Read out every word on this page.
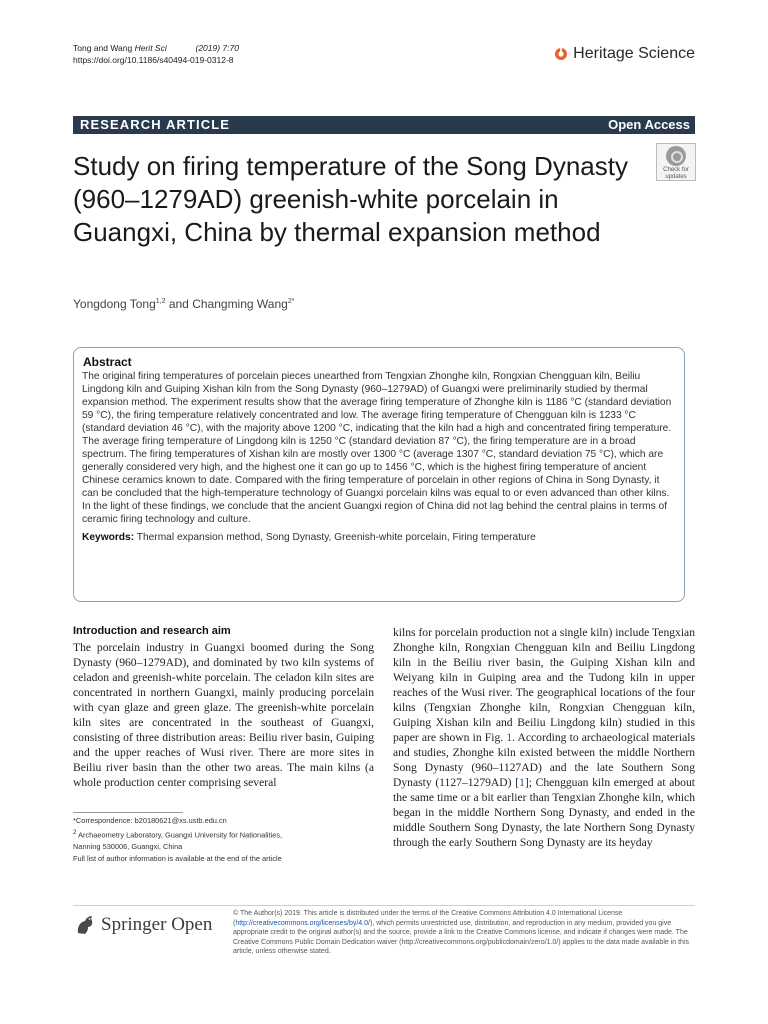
Tong and Wang Herit Sci	(2019) 7:70
https://doi.org/10.1186/s40494-019-0312-8	Heritage Science
RESEARCH ARTICLE	Open Access
Study on firing temperature of the Song Dynasty (960–1279AD) greenish-white porcelain in Guangxi, China by thermal expansion method
Check for
updates
Yongdong Tong$^{1,2}$ and Changming Wang$^{2*}$
Abstract

The original firing temperatures of porcelain pieces unearthed from Tengxian Zhonghe kiln, Rongxian Chengguan kiln, Beiliu Lingdong kiln and Guiping Xishan kiln from the Song Dynasty (960–1279AD) of Guangxi were preliminarily studied by thermal expansion method. The experiment results show that the average firing temperature of Zhonghe kiln is 1186 °C (standard deviation 59 °C), the firing temperature relatively concentrated and low. The average firing temperature of Chengguan kiln is 1233 °C (standard deviation 46 °C), with the majority above 1200 °C, indicating that the kiln had a high and concentrated firing temperature. The average firing temperature of Lingdong kiln is 1250 °C (standard deviation 87 °C), the firing temperature are in a broad spectrum. The firing temperatures of Xishan kiln are mostly over 1300 °C (average 1307 °C, standard deviation 75 °C), which are generally considered very high, and the highest one it can go up to 1456 °C, which is the highest firing temperature of ancient Chinese ceramics known to date. Compared with the firing temperature of porcelain in other regions of China in Song Dynasty, it can be concluded that the high-temperature technology of Guangxi porcelain kilns was equal to or even advanced than other kilns. In the light of these findings, we conclude that the ancient Guangxi region of China did not lag behind the central plains in terms of ceramic firing technology and culture.

Keywords: Thermal expansion method, Song Dynasty, Greenish-white porcelain, Firing temperature
Introduction and research aim

The porcelain industry in Guangxi boomed during the Song Dynasty (960–1279AD), and dominated by two kiln systems of celadon and greenish-white porcelain. The celadon kiln sites are concentrated in northern Guangxi, mainly producing porcelain with cyan glaze and green glaze. The greenish-white porcelain kiln sites are concentrated in the southeast of Guangxi, consisting of three distribution areas: Beiliu river basin, Guiping and the upper reaches of Wusi river. There are more sites in Beiliu river basin than the other two areas. The main kilns (a whole production center comprising several

kilns for porcelain production not a single kiln) include Tengxian Zhonghe kiln, Rongxian Chengguan kiln and Beiliu Lingdong kiln in the Beiliu river basin, the Guiping Xishan kiln and Weiyang kiln in Guiping area and the Tudong kiln in upper reaches of the Wusi river. The geographical locations of the four kilns (Tengxian Zhonghe kiln, Rongxian Chengguan kiln, Guiping Xishan kiln and Beiliu Lingdong kiln) studied in this paper are shown in Fig. 1. According to archaeological materials and studies, Zhonghe kiln existed between the middle Northern Song Dynasty (960–1127AD) and the late Southern Song Dynasty (1127–1279AD) [1]; Chengguan kiln emerged at about the same time or a bit earlier than Tengxian Zhonghe kiln, which began in the middle Northern Song Dynasty, and ended in the middle Southern Song Dynasty, the late Northern Song Dynasty through the early Southern Song Dynasty are its heyday

*Correspondence: b20180621@xs.ustb.edu.cn
$^2$ Archaeometry Laboratory, Guangxi University for Nationalities,
Nanning 530006, Guangxi, China
Full list of author information is available at the end of the article
Springer Open
© The Author(s) 2019. This article is distributed under the terms of the Creative Commons Attribution 4.0 International License (http://creativecommons.org/licenses/by/4.0/), which permits unrestricted use, distribution, and reproduction in any medium, provided you give appropriate credit to the original author(s) and the source, provide a link to the Creative Commons license, and indicate if changes were made. The Creative Commons Public Domain Dedication waiver (http://creativecommons.org/publicdomain/zero/1.0/) applies to the data made available in this article, unless otherwise stated.
